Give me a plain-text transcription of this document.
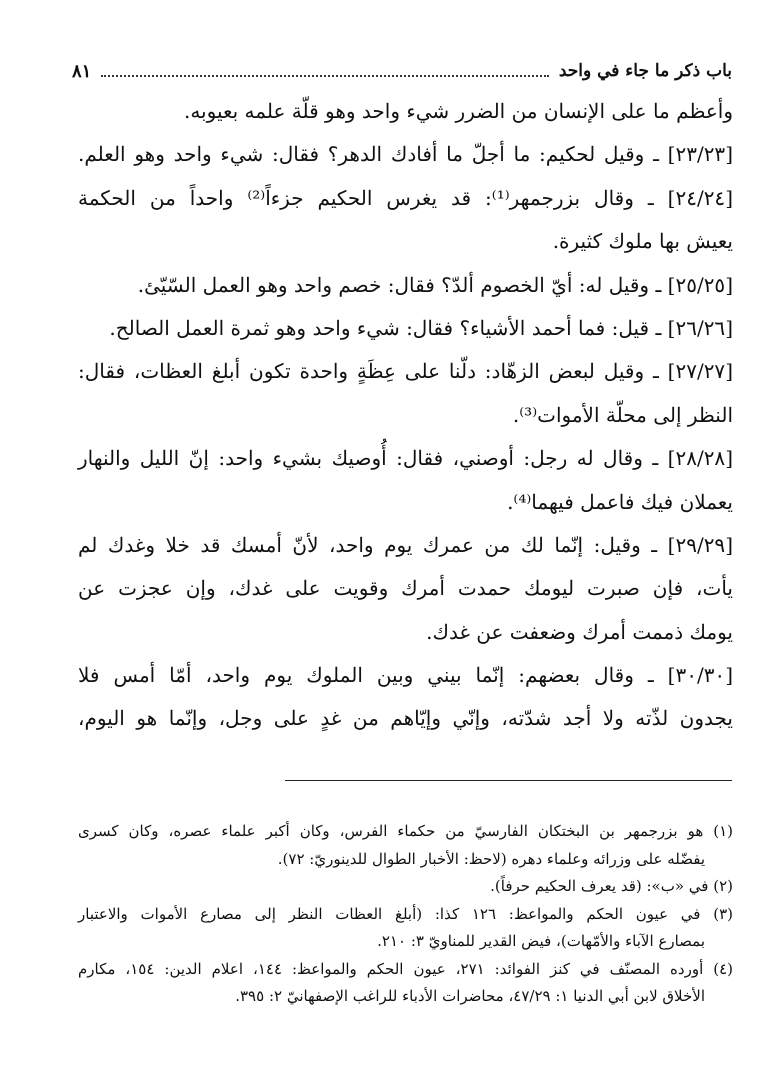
باب ذكر ما جاء في واحد
٨١
وأعظم ما على الإنسان من الضرر شيء واحد وهو قلّة علمه بعيوبه.
[٢٣/٢٣] ـ وقيل لحكيم: ما أجلّ ما أفادك الدهر؟ فقال: شيء واحد وهو العلم.
[٢٤/٢٤] ـ وقال بزرجمهر⁽¹⁾: قد يغرس الحكيم جزءاً⁽²⁾ واحداً من الحكمة
يعيش بها ملوك كثيرة.
[٢٥/٢٥] ـ وقيل له: أيّ الخصوم ألدّ؟ فقال: خصم واحد وهو العمل السّيّئ.
[٢٦/٢٦] ـ قيل: فما أحمد الأشياء؟ فقال: شيء واحد وهو ثمرة العمل الصالح.
[٢٧/٢٧] ـ وقيل لبعض الزهّاد: دلّنا على عِظَةٍ واحدة تكون أبلغ العظات، فقال:
النظر إلى محلّة الأموات⁽³⁾.
[٢٨/٢٨] ـ وقال له رجل: أوصني، فقال: أُوصيك بشيء واحد: إنّ الليل والنهار
يعملان فيك فاعمل فيهما⁽⁴⁾.
[٢٩/٢٩] ـ وقيل: إنّما لك من عمرك يوم واحد، لأنّ أمسك قد خلا وغدك لم
يأت، فإن صبرت ليومك حمدت أمرك وقويت على غدك، وإن عجزت عن
يومك ذممت أمرك وضعفت عن غدك.
[٣٠/٣٠] ـ وقال بعضهم: إنّما بيني وبين الملوك يوم واحد، أمّا أمس فلا
يجدون لذّته ولا أجد شدّته، وإنّي وإيّاهم من غدٍ على وجل، وإنّما هو اليوم،
(١) هو بزرجمهر بن البختكان الفارسيّ من حكماء الفرس، وكان أكبر علماء عصره، وكان كسرى
يفضّله على وزرائه وعلماء دهره (لاحظ: الأخبار الطوال للدينوريّ: ٧٢).
(٢) في «ب»: (قد يعرف الحكيم حرفاً).
(٣) في عيون الحكم والمواعظ: ١٢٦ كذا: (أبلغ العظات النظر إلى مصارع الأموات والاعتبار
بمصارع الآباء والأمّهات)، فيض القدير للمناويّ ٣: ٢١٠.
(٤) أورده المصنّف في كنز الفوائد: ٢٧١، عيون الحكم والمواعظ: ١٤٤، اعلام الدين: ١٥٤، مكارم
الأخلاق لابن أبي الدنيا ١: ٤٧/٢٩، محاضرات الأدباء للراغب الإصفهانيّ ٢: ٣٩٥.
